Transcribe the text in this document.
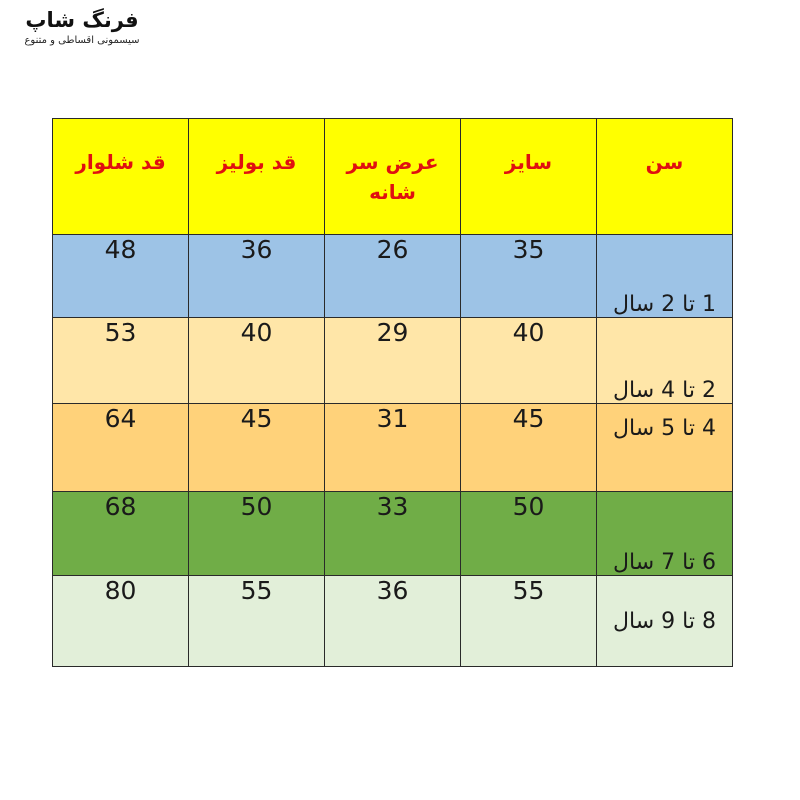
فرنگ شاپ
سیسمونی اقساطی و متنوع
قد شلوار	قد بولیز	عرض سر شانه	سایز	سن
48	36	26	35	1 تا 2 سال
53	40	29	40	2 تا 4 سال
64	45	31	45	4 تا 5 سال
68	50	33	50	6 تا 7 سال
80	55	36	55	8 تا 9 سال
